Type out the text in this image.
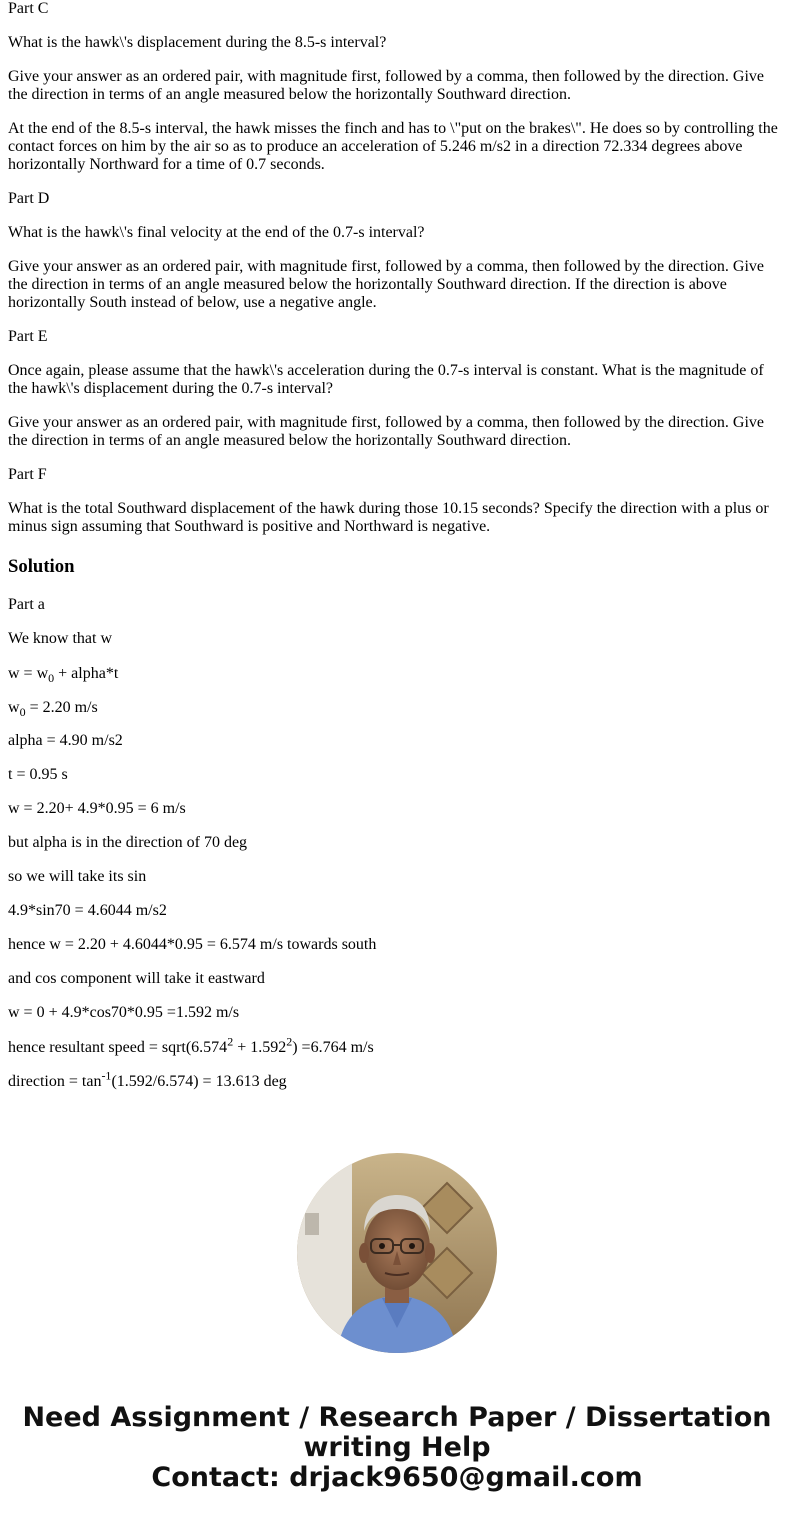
Part C

What is the hawk\'s displacement during the 8.5-s interval?

Give your answer as an ordered pair, with magnitude first, followed by a comma, then followed by the direction. Give the direction in terms of an angle measured below the horizontally Southward direction.

At the end of the 8.5-s interval, the hawk misses the finch and has to \"put on the brakes\". He does so by controlling the contact forces on him by the air so as to produce an acceleration of 5.246 m/s2 in a direction 72.334 degrees above horizontally Northward for a time of 0.7 seconds.

Part D

What is the hawk\'s final velocity at the end of the 0.7-s interval?

Give your answer as an ordered pair, with magnitude first, followed by a comma, then followed by the direction. Give the direction in terms of an angle measured below the horizontally Southward direction. If the direction is above horizontally South instead of below, use a negative angle.

Part E

Once again, please assume that the hawk\'s acceleration during the 0.7-s interval is constant. What is the magnitude of the hawk\'s displacement during the 0.7-s interval?

Give your answer as an ordered pair, with magnitude first, followed by a comma, then followed by the direction. Give the direction in terms of an angle measured below the horizontally Southward direction.

Part F

What is the total Southward displacement of the hawk during those 10.15 seconds? Specify the direction with a plus or minus sign assuming that Southward is positive and Northward is negative.

Solution

Part a

We know that w

$w = w_0$ + alpha*t

$w_0 = 2.20$ m/s

alpha = 4.90 m/s2

t = 0.95 s

w = 2.20+ 4.9*0.95 = 6 m/s

but alpha is in the direction of 70 deg

so we will take its sin

4.9*sin70 = 4.6044 m/s2

hence w = 2.20 + 4.6044*0.95 = 6.574 m/s towards south

and cos component will take it eastward

w = 0 + 4.9*cos70*0.95 =1.592 m/s

hence resultant speed = $sqrt(6.574^2 + 1.592^2) =6.764$ m/s

direction = $\tan^{-1}(1.592/6.574) = 13.613$ deg

Need Assignment / Research Paper / Dissertation
writing Help
Contact: drjack9650@gmail.com
